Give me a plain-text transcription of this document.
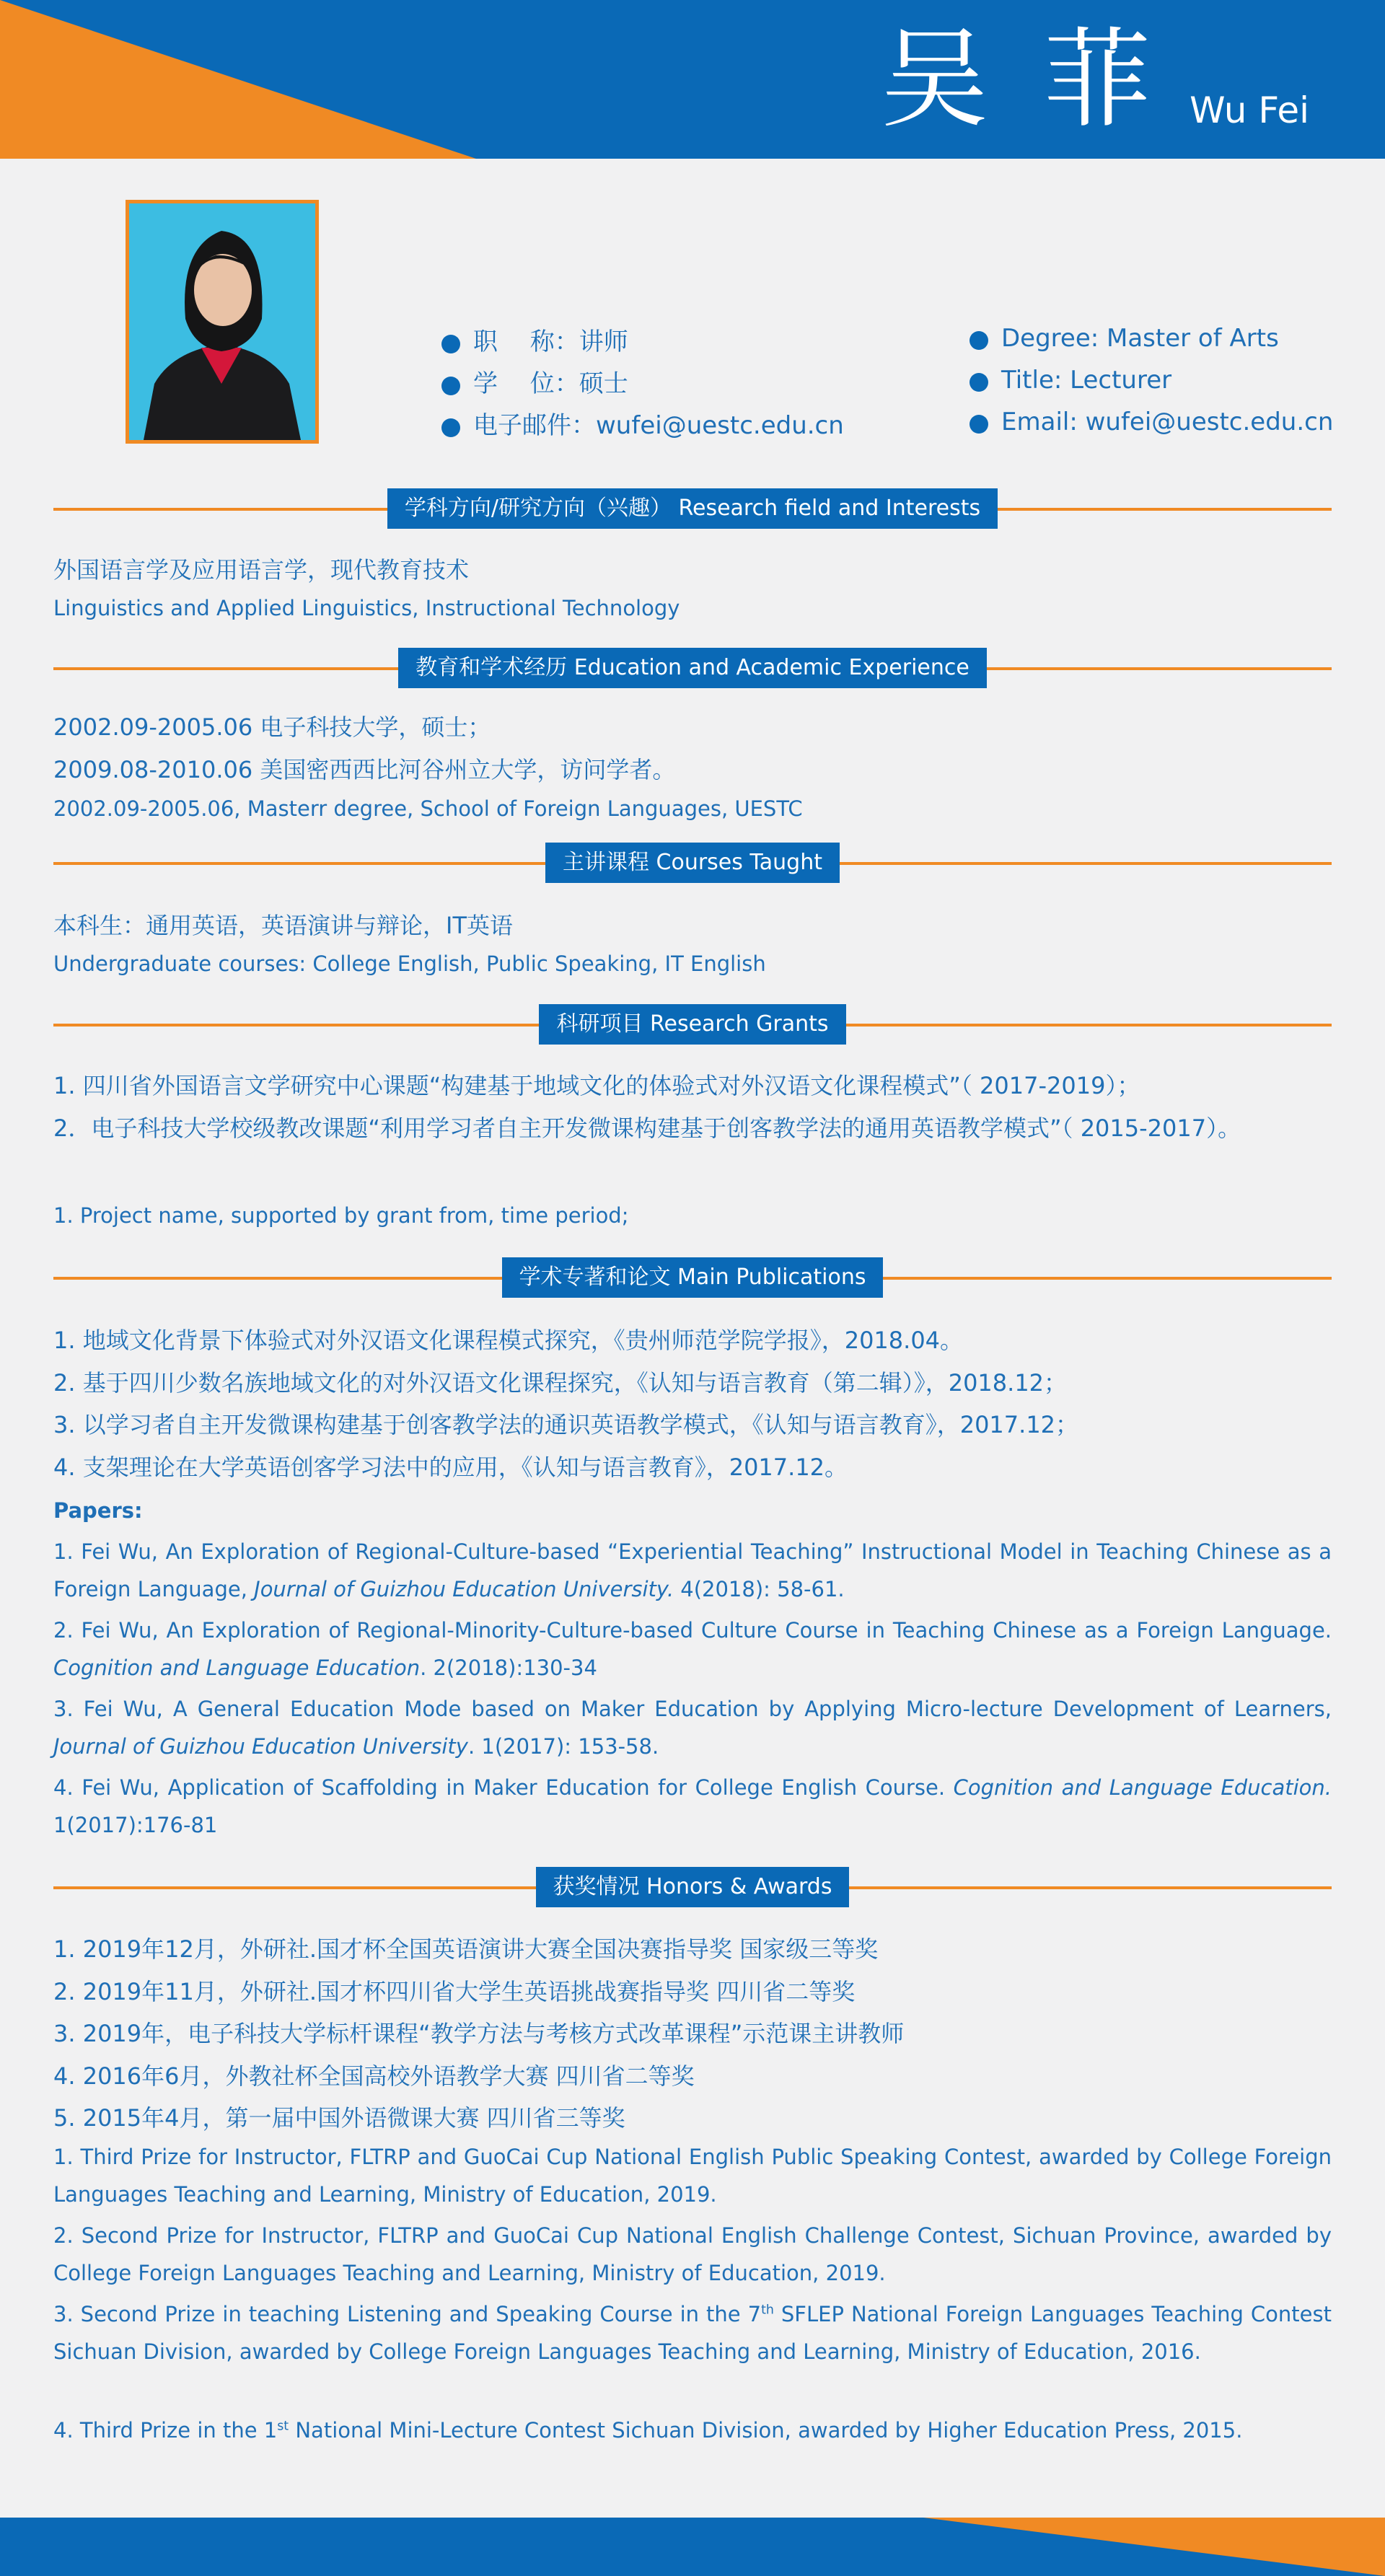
吴 菲 Wu Fei
职　 称：讲师
学　 位：硕士
电子邮件：wufei@uestc.edu.cn
Degree: Master of Arts
Title: Lecturer
Email: wufei@uestc.edu.cn
学科方向/研究方向（兴趣） Research field and Interests
外国语言学及应用语言学，现代教育技术
Linguistics and Applied Linguistics, Instructional Technology
教育和学术经历 Education and Academic Experience
2002.09-2005.06 电子科技大学，硕士；
2009.08-2010.06 美国密西西比河谷州立大学，访问学者。
2002.09-2005.06, Masterr degree, School of Foreign Languages, UESTC
主讲课程 Courses Taught
本科生：通用英语，英语演讲与辩论，IT英语
Undergraduate courses: College English, Public Speaking, IT English
科研项目 Research Grants
1. 四川省外国语言文学研究中心课题“构建基于地域文化的体验式对外汉语文化课程模式”（ 2017-2019）；
2．电子科技大学校级教改课题“利用学习者自主开发微课构建基于创客教学法的通用英语教学模式”（ 2015-2017）。
1. Project name, supported by grant from, time period;
学术专著和论文 Main Publications
1. 地域文化背景下体验式对外汉语文化课程模式探究，《贵州师范学院学报》，2018.04。
2. 基于四川少数名族地域文化的对外汉语文化课程探究，《认知与语言教育（第二辑）》，2018.12；
3. 以学习者自主开发微课构建基于创客教学法的通识英语教学模式，《认知与语言教育》，2017.12；
4. 支架理论在大学英语创客学习法中的应用，《认知与语言教育》，2017.12。
Papers:
1. Fei Wu, An Exploration of Regional-Culture-based “Experiential Teaching” Instructional Model in Teaching Chinese as a Foreign Language, Journal of Guizhou Education University. 4(2018): 58-61.
2. Fei Wu, An Exploration of Regional-Minority-Culture-based Culture Course in Teaching Chinese as a Foreign Language. Cognition and Language Education. 2(2018):130-34
3. Fei Wu, A General Education Mode based on Maker Education by Applying Micro-lecture Development of Learners, Journal of Guizhou Education University. 1(2017): 153-58.
4. Fei Wu, Application of Scaffolding in Maker Education for College English Course. Cognition and Language Education. 1(2017):176-81
获奖情况 Honors & Awards
1. 2019年12月，外研社.国才杯全国英语演讲大赛全国决赛指导奖 国家级三等奖
2. 2019年11月，外研社.国才杯四川省大学生英语挑战赛指导奖 四川省二等奖
3. 2019年，电子科技大学标杆课程“教学方法与考核方式改革课程”示范课主讲教师
4. 2016年6月，外教社杯全国高校外语教学大赛 四川省二等奖
5. 2015年4月，第一届中国外语微课大赛 四川省三等奖
1. Third Prize for Instructor, FLTRP and GuoCai Cup National English Public Speaking Contest, awarded by College Foreign Languages Teaching and Learning, Ministry of Education, 2019.
2. Second Prize for Instructor, FLTRP and GuoCai Cup National English Challenge Contest, Sichuan Province, awarded by College Foreign Languages Teaching and Learning, Ministry of Education, 2019.
3. Second Prize in teaching Listening and Speaking Course in the 7th SFLEP National Foreign Languages Teaching Contest Sichuan Division, awarded by College Foreign Languages Teaching and Learning, Ministry of Education, 2016.
4. Third Prize in the 1st National Mini-Lecture Contest Sichuan Division, awarded by Higher Education Press, 2015.
